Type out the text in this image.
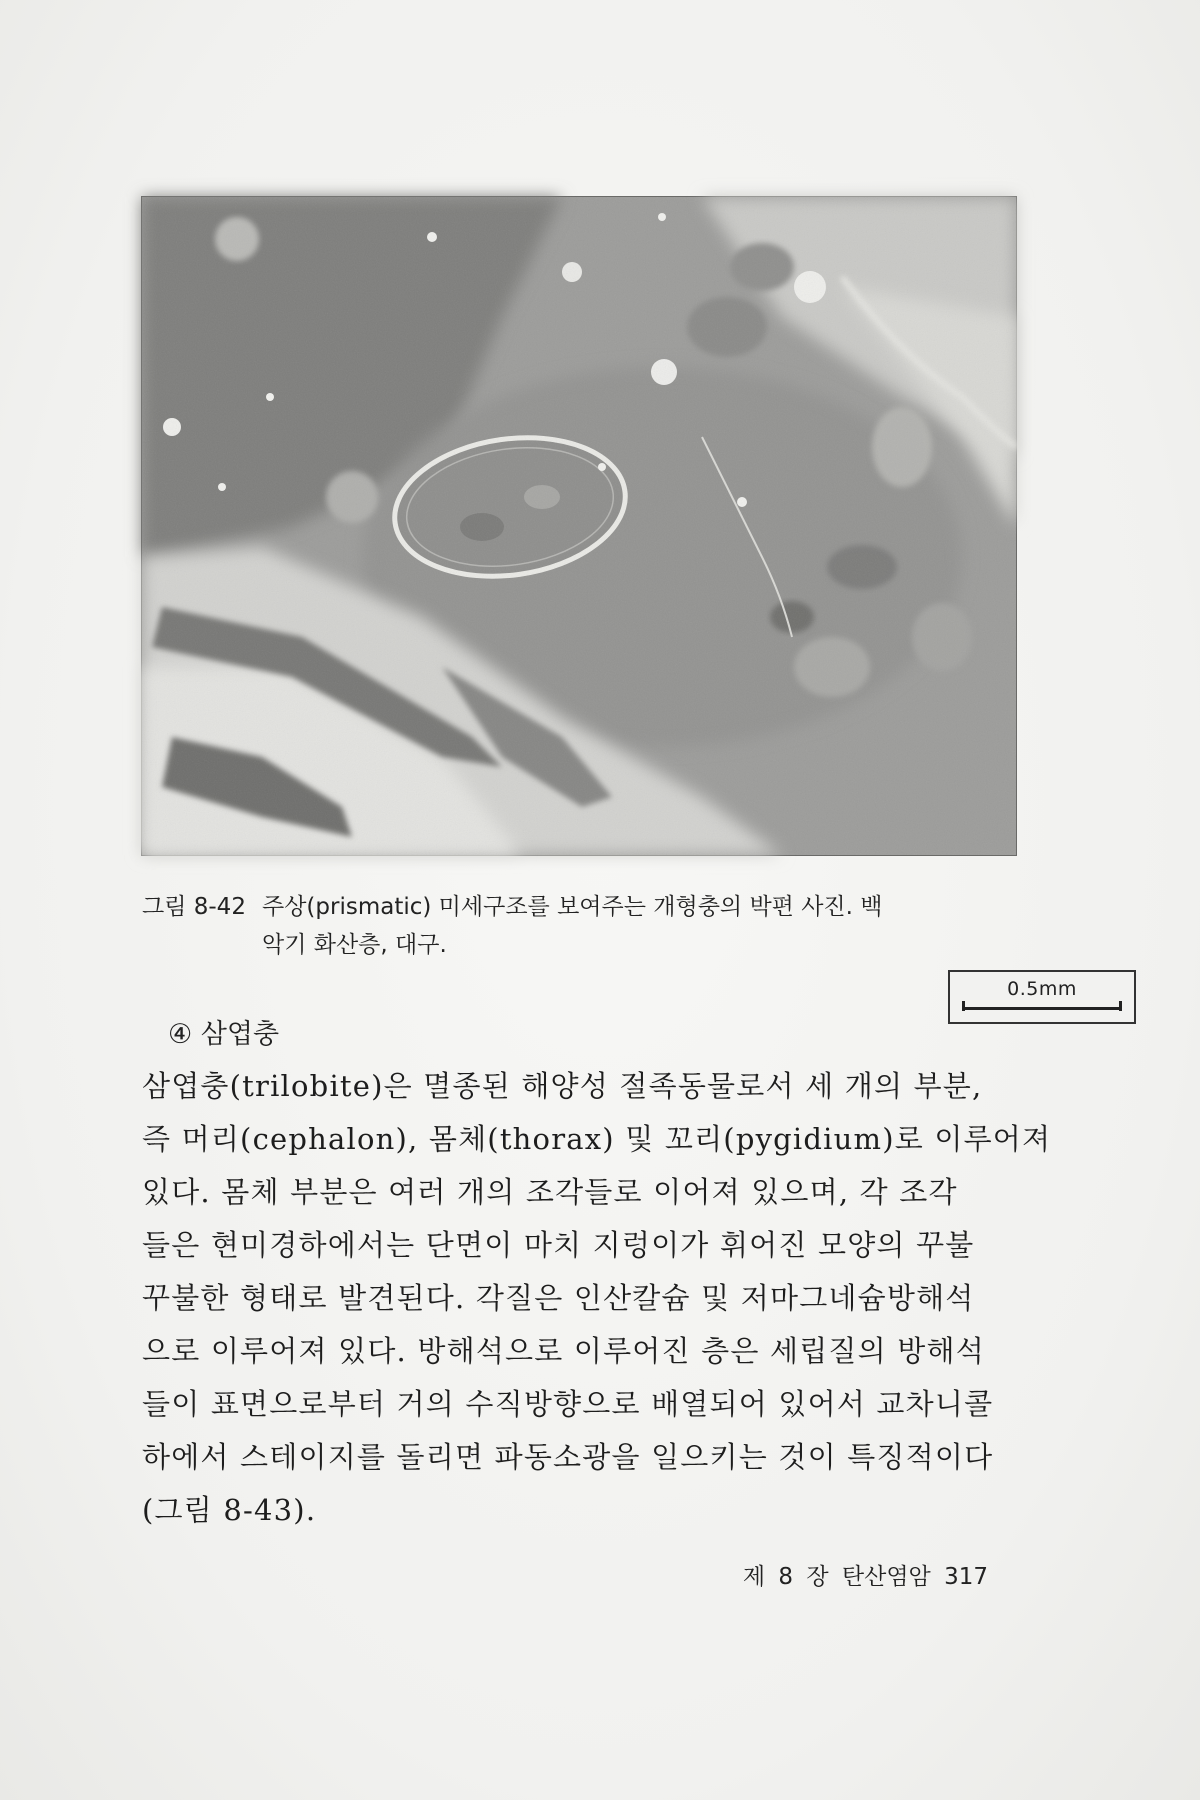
0.5mm
그림 8-42 주상(prismatic) 미세구조를 보여주는 개형충의 박편 사진. 백
악기 화산층, 대구.
④ 삼엽충
삼엽충(trilobite)은 멸종된 해양성 절족동물로서 세 개의 부분,
즉 머리(cephalon), 몸체(thorax) 및 꼬리(pygidium)로 이루어져
있다. 몸체 부분은 여러 개의 조각들로 이어져 있으며, 각 조각
들은 현미경하에서는 단면이 마치 지렁이가 휘어진 모양의 꾸불
꾸불한 형태로 발견된다. 각질은 인산칼슘 및 저마그네슘방해석
으로 이루어져 있다. 방해석으로 이루어진 층은 세립질의 방해석
들이 표면으로부터 거의 수직방향으로 배열되어 있어서 교차니콜
하에서 스테이지를 돌리면 파동소광을 일으키는 것이 특징적이다
(그림 8-43).
제 8 장 탄산염암 317
